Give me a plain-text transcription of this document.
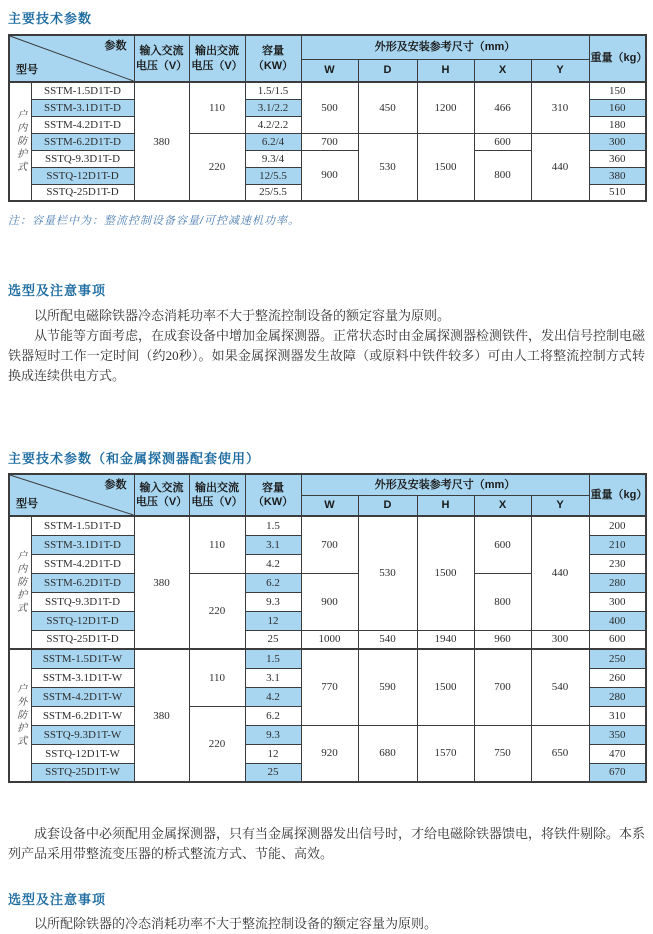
主要技术参数
参数
型号		输入交流电压（V）	输出交流电压（V）	容量（KW）	外形及安装参考尺寸（mm）					重量（kg）
					W	D	H	X	Y	
户内防护式	SSTM-1.5D1T-D	380	110	1.5/1.5	500	450	1200	466	310	150
	SSTM-3.1D1T-D			3.1/2.2						160
	SSTM-4.2D1T-D			4.2/2.2						180
	SSTM-6.2D1T-D		220	6.2/4	700	530	1500	600	440	300
	SSTQ-9.3D1T-D			9.3/4	900			800		360
	SSTQ-12D1T-D			12/5.5						380
	SSTQ-25D1T-D			25/5.5						510
注：容量栏中为：整流控制设备容量/可控减速机功率。
选型及注意事项

以所配电磁除铁器冷态消耗功率不大于整流控制设备的额定容量为原则。

从节能等方面考虑，在成套设备中增加金属探测器。正常状态时由金属探测器检测铁件，发出信号控制电磁铁器短时工作一定时间（约20秒）。如果金属探测器发生故障（或原料中铁件较多）可由人工将整流控制方式转换成连续供电方式。

主要技术参数（和金属探测器配套使用）
参数
型号		输入交流电压（V）	输出交流电压（V）	容量（KW）	外形及安装参考尺寸（mm）					重量（kg）
					W	D	H	X	Y	
户内防护式	SSTM-1.5D1T-D	380	110	1.5	700	530	1500	600	440	200
	SSTM-3.1D1T-D			3.1						210
	SSTM-4.2D1T-D			4.2						230
	SSTM-6.2D1T-D		220	6.2	900			800		280
	SSTQ-9.3D1T-D			9.3						300
	SSTQ-12D1T-D			12						400
	SSTQ-25D1T-D			25	1000	540	1940	960	300	600
户外防护式	SSTM-1.5D1T-W	380	110	1.5	770	590	1500	700	540	250
	SSTM-3.1D1T-W			3.1						260
	SSTM-4.2D1T-W			4.2						280
	SSTM-6.2D1T-W		220	6.2						310
	SSTQ-9.3D1T-W			9.3	920	680	1570	750	650	350
	SSTQ-12D1T-W			12						470
	SSTQ-25D1T-W			25						670

成套设备中必须配用金属探测器，只有当金属探测器发出信号时，才给电磁除铁器馈电，将铁件剔除。本系列产品采用带整流变压器的桥式整流方式、节能、高效。

选型及注意事项

以所配除铁器的冷态消耗功率不大于整流控制设备的额定容量为原则。
